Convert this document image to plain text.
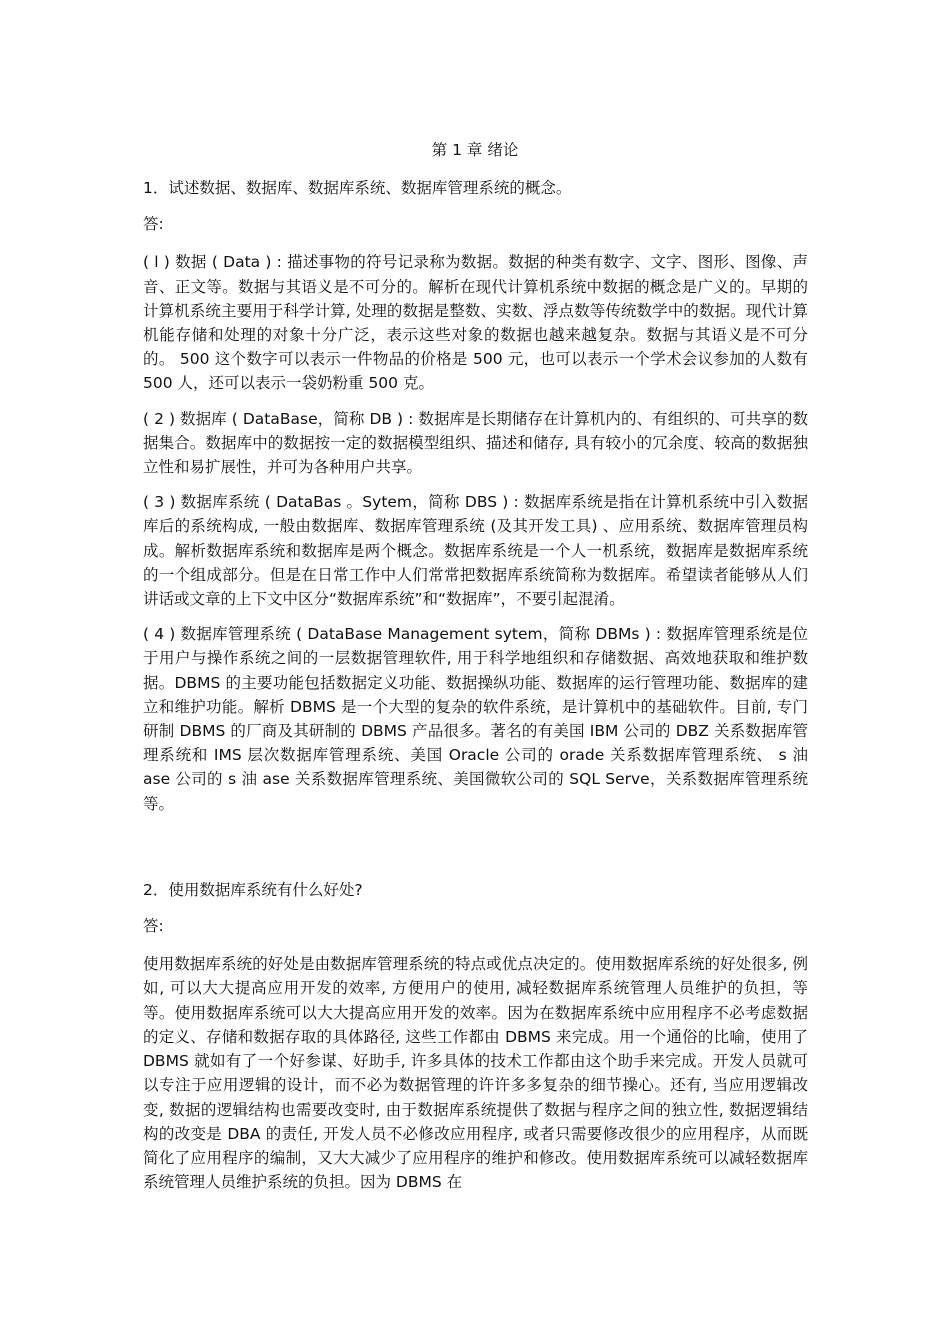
第 1 章 绪论

1．试述数据、数据库、数据库系统、数据库管理系统的概念。

答:

( l ) 数据 ( Data ) : 描述事物的符号记录称为数据。数据的种类有数字、文字、图形、图像、声音、正文等。数据与其语义是不可分的。解析在现代计算机系统中数据的概念是广义的。早期的计算机系统主要用于科学计算, 处理的数据是整数、实数、浮点数等传统数学中的数据。现代计算机能存储和处理的对象十分广泛，表示这些对象的数据也越来越复杂。数据与其语义是不可分的。 500 这个数字可以表示一件物品的价格是 500 元，也可以表示一个学术会议参加的人数有 500 人，还可以表示一袋奶粉重 500 克。

( 2 ) 数据库 ( DataBase，简称 DB ) : 数据库是长期储存在计算机内的、有组织的、可共享的数据集合。数据库中的数据按一定的数据模型组织、描述和储存, 具有较小的冗余度、较高的数据独立性和易扩展性，并可为各种用户共享。

( 3 ) 数据库系统 ( DataBas 。Sytem，简称 DBS ) : 数据库系统是指在计算机系统中引入数据库后的系统构成, 一般由数据库、数据库管理系统 (及其开发工具) 、应用系统、数据库管理员构成。解析数据库系统和数据库是两个概念。数据库系统是一个人一机系统，数据库是数据库系统的一个组成部分。但是在日常工作中人们常常把数据库系统简称为数据库。希望读者能够从人们讲话或文章的上下文中区分“数据库系统”和“数据库”，不要引起混淆。

( 4 ) 数据库管理系统 ( DataBase Management sytem，简称 DBMs ) : 数据库管理系统是位于用户与操作系统之间的一层数据管理软件, 用于科学地组织和存储数据、高效地获取和维护数据。DBMS 的主要功能包括数据定义功能、数据操纵功能、数据库的运行管理功能、数据库的建立和维护功能。解析 DBMS 是一个大型的复杂的软件系统，是计算机中的基础软件。目前, 专门研制 DBMS 的厂商及其研制的 DBMS 产品很多。著名的有美国 IBM 公司的 DBZ 关系数据库管理系统和 IMS 层次数据库管理系统、美国 Oracle 公司的 orade 关系数据库管理系统、 s 油 ase 公司的 s 油 ase 关系数据库管理系统、美国微软公司的 SQL Serve，关系数据库管理系统等。

2．使用数据库系统有什么好处?

答:

使用数据库系统的好处是由数据库管理系统的特点或优点决定的。使用数据库系统的好处很多, 例如, 可以大大提高应用开发的效率, 方便用户的使用, 减轻数据库系统管理人员维护的负担，等等。使用数据库系统可以大大提高应用开发的效率。因为在数据库系统中应用程序不必考虑数据的定义、存储和数据存取的具体路径, 这些工作都由 DBMS 来完成。用一个通俗的比喻，使用了 DBMS 就如有了一个好参谋、好助手, 许多具体的技术工作都由这个助手来完成。开发人员就可以专注于应用逻辑的设计，而不必为数据管理的许许多多复杂的细节操心。还有, 当应用逻辑改变, 数据的逻辑结构也需要改变时, 由于数据库系统提供了数据与程序之间的独立性, 数据逻辑结构的改变是 DBA 的责任, 开发人员不必修改应用程序, 或者只需要修改很少的应用程序，从而既简化了应用程序的编制，又大大减少了应用程序的维护和修改。使用数据库系统可以减轻数据库系统管理人员维护系统的负担。因为 DBMS 在
